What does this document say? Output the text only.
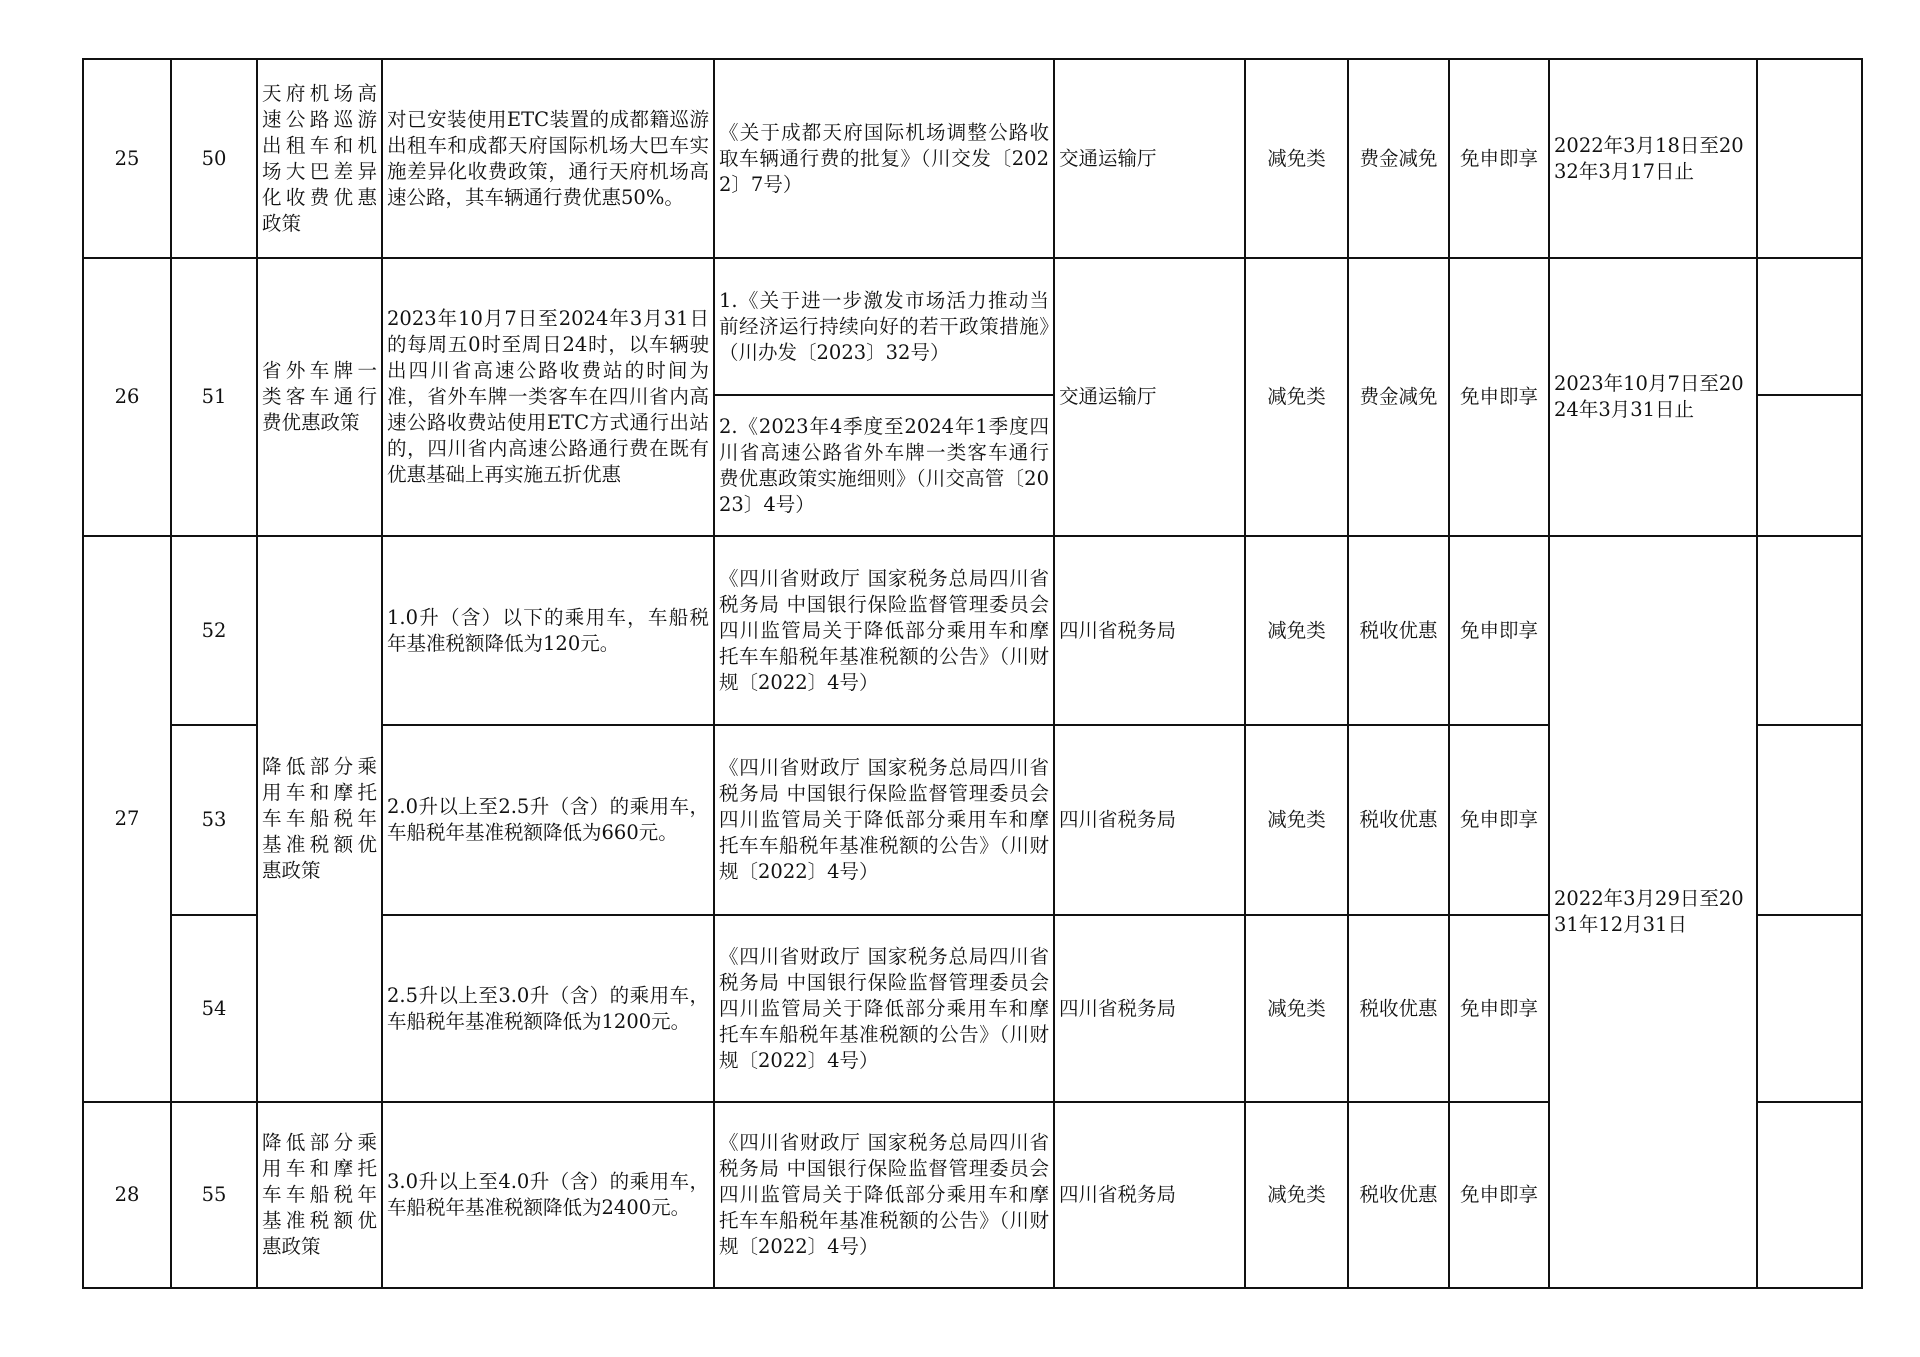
25	50	天府机场高速公路巡游出租车和机场大巴差异化收费优惠政策	对已安装使用ETC装置的成都籍巡游出租车和成都天府国际机场大巴车实施差异化收费政策，通行天府机场高速公路，其车辆通行费优惠50%。	《关于成都天府国际机场调整公路收取车辆通行费的批复》（川交发〔2022〕7号）	交通运输厅	减免类	费金减免	免申即享	2022年3月18日至2032年3月17日止	
26	51	省外车牌一类客车通行费优惠政策	2023年10月7日至2024年3月31日的每周五0时至周日24时，以车辆驶出四川省高速公路收费站的时间为准，省外车牌一类客车在四川省内高速公路收费站使用ETC方式通行出站的，四川省内高速公路通行费在既有优惠基础上再实施五折优惠	1.《关于进一步激发市场活力推动当前经济运行持续向好的若干政策措施》（川办发〔2023〕32号）	交通运输厅	减免类	费金减免	免申即享	2023年10月7日至2024年3月31日止	
				2.《2023年4季度至2024年1季度四川省高速公路省外车牌一类客车通行费优惠政策实施细则》（川交高管〔2023〕4号）						
27	52	降低部分乘用车和摩托车车船税年基准税额优惠政策	1.0升（含）以下的乘用车，车船税年基准税额降低为120元。	《四川省财政厅 国家税务总局四川省税务局 中国银行保险监督管理委员会四川监管局关于降低部分乘用车和摩托车车船税年基准税额的公告》（川财规〔2022〕4号）	四川省税务局	减免类	税收优惠	免申即享	2022年3月29日至2031年12月31日	
	53		2.0升以上至2.5升（含）的乘用车，车船税年基准税额降低为660元。	《四川省财政厅 国家税务总局四川省税务局 中国银行保险监督管理委员会四川监管局关于降低部分乘用车和摩托车车船税年基准税额的公告》（川财规〔2022〕4号）	四川省税务局	减免类	税收优惠	免申即享		
	54		2.5升以上至3.0升（含）的乘用车，车船税年基准税额降低为1200元。	《四川省财政厅 国家税务总局四川省税务局 中国银行保险监督管理委员会四川监管局关于降低部分乘用车和摩托车车船税年基准税额的公告》（川财规〔2022〕4号）	四川省税务局	减免类	税收优惠	免申即享		
28	55	降低部分乘用车和摩托车车船税年基准税额优惠政策	3.0升以上至4.0升（含）的乘用车，车船税年基准税额降低为2400元。	《四川省财政厅 国家税务总局四川省税务局 中国银行保险监督管理委员会四川监管局关于降低部分乘用车和摩托车车船税年基准税额的公告》（川财规〔2022〕4号）	四川省税务局	减免类	税收优惠	免申即享		
